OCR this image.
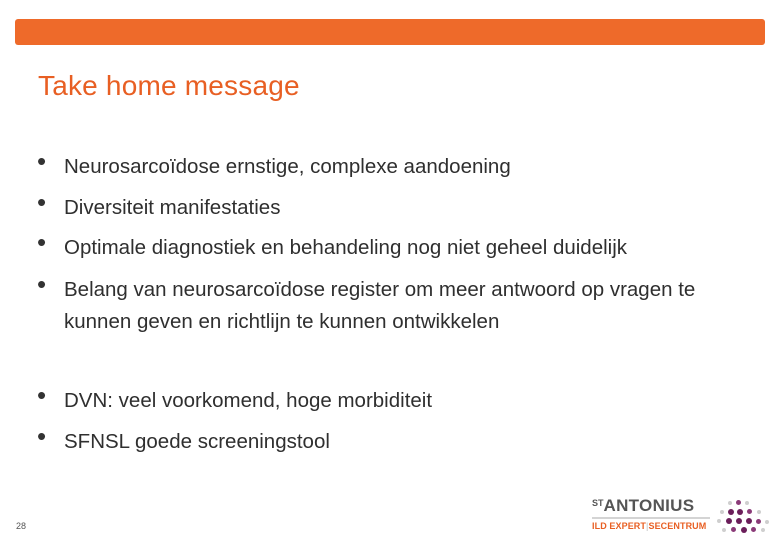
Take home message
• Neurosarcoïdose ernstige, complexe aandoening
• Diversiteit manifestaties
• Optimale diagnostiek en behandeling nog niet geheel duidelijk
• Belang van neurosarcoïdose register om meer antwoord op vragen te kunnen geven en richtlijn te kunnen ontwikkelen
• DVN: veel voorkomend, hoge morbiditeit
• SFNSL goede screeningstool
28
$^{ST}$ANTONIUS
ILD EXPERT|SECENTRUM
